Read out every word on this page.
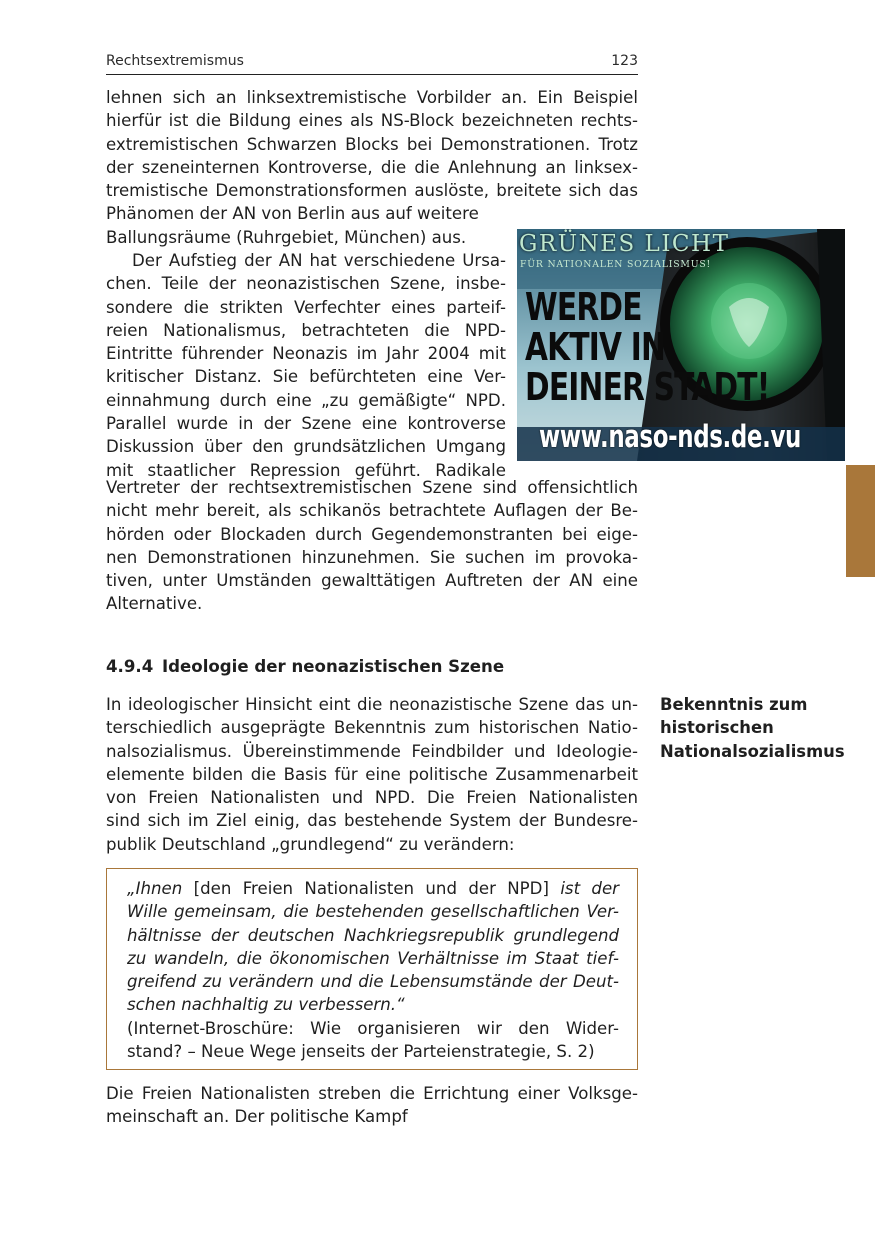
Rechtsextremismus	123
lehnen sich an linksextremistische Vorbilder an. Ein Beispiel
hierfür ist die Bildung eines als NS-Block bezeichneten rechts-
extremistischen Schwarzen Blocks bei Demonstrationen. Trotz
der szeneinternen Kontroverse, die die Anlehnung an linksex-
tremistische Demonstrationsformen auslöste, breitete sich das
Phänomen der AN von Berlin aus auf weitere
Ballungsräume (Ruhrgebiet, München) aus.
Der Aufstieg der AN hat verschiedene Ursa-
chen. Teile der neonazistischen Szene, insbe-
sondere die strikten Verfechter eines parteif-
reien Nationalismus, betrachteten die NPD-
Eintritte führender Neonazis im Jahr 2004 mit
kritischer Distanz. Sie befürchteten eine Ver-
einnahmung durch eine „zu gemäßigte“ NPD.
Parallel wurde in der Szene eine kontroverse
Diskussion über den grundsätzlichen Umgang
mit staatlicher Repression geführt. Radikale
Vertreter der rechtsextremistischen Szene sind offensichtlich
nicht mehr bereit, als schikanös betrachtete Auflagen der Be-
hörden oder Blockaden durch Gegendemonstranten bei eige-
nen Demonstrationen hinzunehmen. Sie suchen im provoka-
tiven, unter Umständen gewalttätigen Auftreten der AN eine
Alternative.
GRÜNES LICHT
FÜR NATIONALEN SOZIALISMUS!
WERDE
AKTIV IN
DEINER STADT!
www.naso-nds.de.vu
4.9.4 Ideologie der neonazistischen Szene
In ideologischer Hinsicht eint die neonazistische Szene das un-
terschiedlich ausgeprägte Bekenntnis zum historischen Natio-
nalsozialismus. Übereinstimmende Feindbilder und Ideologie-
elemente bilden die Basis für eine politische Zusammenarbeit
von Freien Nationalisten und NPD. Die Freien Nationalisten
sind sich im Ziel einig, das bestehende System der Bundesre-
publik Deutschland „grundlegend“ zu verändern:
Bekenntnis zum
historischen
Nationalsozialismus
„Ihnen [den Freien Nationalisten und der NPD] ist der
Wille gemeinsam, die bestehenden gesellschaftlichen Ver-
hältnisse der deutschen Nachkriegsrepublik grundlegend
zu wandeln, die ökonomischen Verhältnisse im Staat tief-
greifend zu verändern und die Lebensumstände der Deut-
schen nachhaltig zu verbessern.“
(Internet-Broschüre: Wie organisieren wir den Wider-
stand? – Neue Wege jenseits der Parteienstrategie, S. 2)
Die Freien Nationalisten streben die Errichtung einer Volksge-
meinschaft an. Der politische Kampf
